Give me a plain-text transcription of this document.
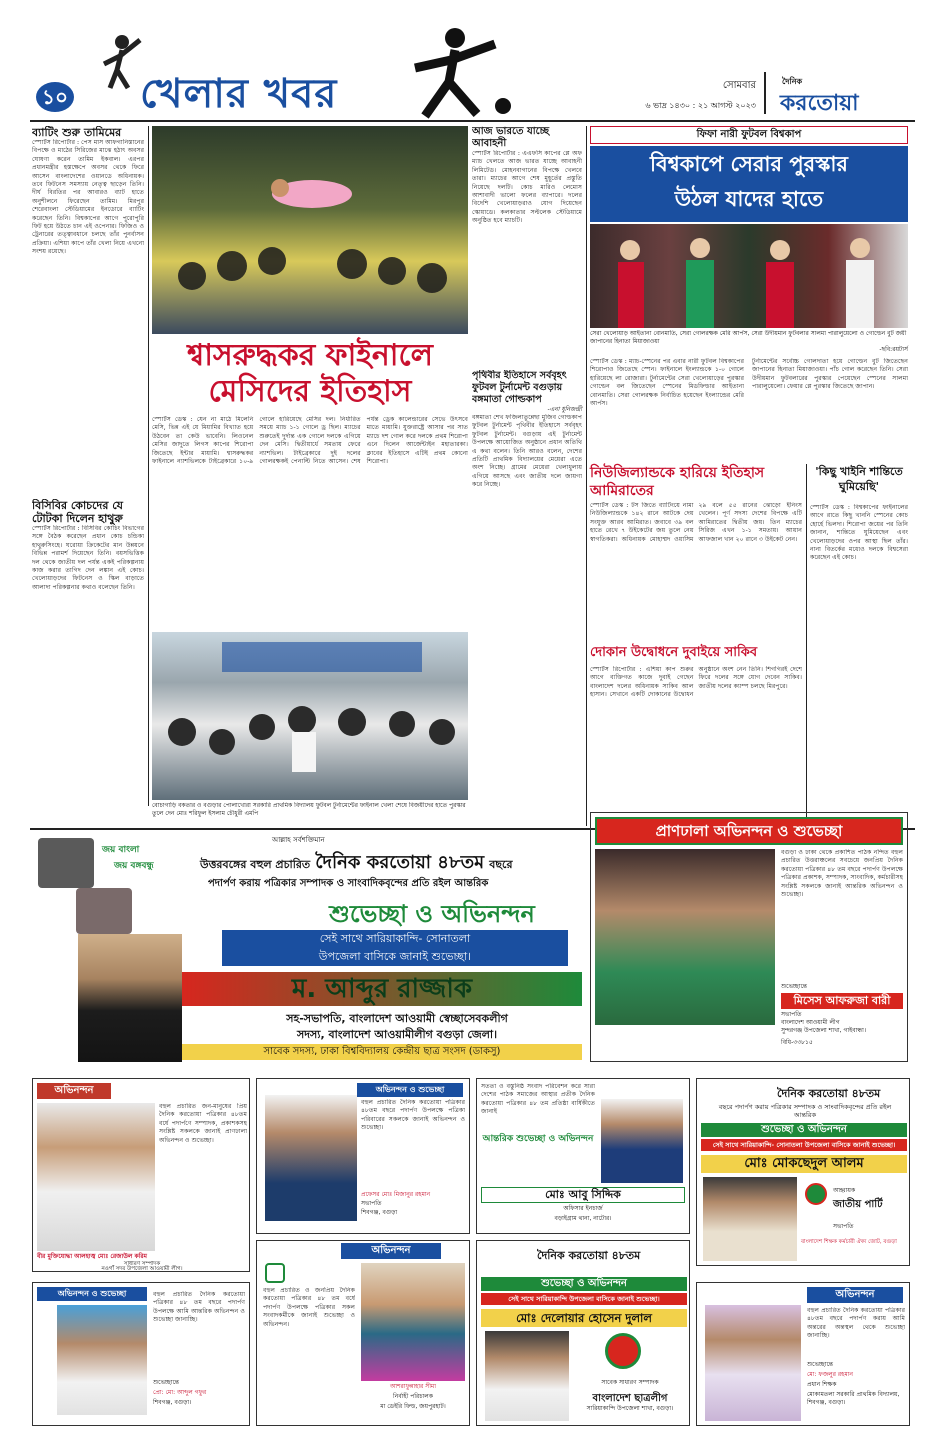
১০ খেলার খবর	সোমবার
৬ ভাদ্র ১৪৩০ : ২১ আগস্ট ২০২৩
দৈনিক
করতোয়া
ব্যাটিং শুরু তামিমের
স্পোর্টস রিপোর্টার : পেস মাস আফগানিস্তানের বিপক্ষে ও মাঠের সিরিজের মাঝে হঠাৎ অবসর ঘোষণা করেন তামিম ইকবাল। এরপর প্রধানমন্ত্রীর হস্তক্ষেপে অবসর থেকে ফিরে আসেন বাংলাদেশের ওয়ানডে অধিনায়ক। তবে ফিটনেস সমস্যায় নেতৃত্ব ছাড়েন তিনি। দীর্ঘ বিরতির পর আবারও ব্যাট হাতে অনুশীলনে ফিরেছেন তামিম। মিরপুর শেরেবাংলা স্টেডিয়ামের ইনডোরে ব্যাটিং করেছেন তিনি। বিশ্বকাপের আগে পুরোপুরি ফিট হয়ে উঠতে চান এই ওপেনার। ফিজিও ও ট্রেনারের তত্ত্বাবধানে চলছে তাঁর পুনর্বাসন প্রক্রিয়া। এশিয়া কাপে তাঁর খেলা নিয়ে এখনো সংশয় রয়েছে।
বিসিবির কোচদের যে টোটকা দিলেন হাথুরু
স্পোর্টস রিপোর্টার : বিসিবির কোচিং বিভাগের সঙ্গে বৈঠক করেছেন প্রধান কোচ চন্ডিকা হাথুরুসিংহে। ঘরোয়া ক্রিকেটের মান উন্নয়নে বিভিন্ন পরামর্শ দিয়েছেন তিনি। বয়সভিত্তিক দল থেকে জাতীয় দল পর্যন্ত একই পরিকল্পনায় কাজ করার তাগিদ দেন লঙ্কান এই কোচ। খেলোয়াড়দের ফিটনেস ও স্কিল বাড়াতে আলাদা পরিকল্পনার কথাও বলেছেন তিনি।
আজ ভারতে যাচ্ছে আবাহনী
স্পোর্টস রিপোর্টার : এএফসি কাপের প্লে অফ ম্যাচ খেলতে আজ ভারত যাচ্ছে আবাহনী লিমিটেড। মোহনবাগানের বিপক্ষে খেলবে তারা। ম্যাচের আগে শেষ মুহূর্তের প্রস্তুতি নিয়েছে দলটি। কোচ মারিও লেমোস আশাবাদী ভালো ফলের ব্যাপারে। দলের বিদেশি খেলোয়াড়রাও যোগ দিয়েছেন স্কোয়াডে। কলকাতার সল্টলেক স্টেডিয়ামে অনুষ্ঠিত হবে ম্যাচটি।
পৃথিবীর ইতিহাসে সর্ববৃহৎ ফুটবল টুর্নামেন্ট বগুড়ায় বঙ্গমাতা গোল্ডকাপ
-এনা ধুনিজন্দ্রী
বঙ্গমাতা শেখ ফজিলাতুন্নেছা মুজিব গোল্ডকাপ ফুটবল টুর্নামেন্ট পৃথিবীর ইতিহাসে সর্ববৃহৎ ফুটবল টুর্নামেন্ট। বগুড়ায় এই টুর্নামেন্ট উপলক্ষে আয়োজিত অনুষ্ঠানে প্রধান অতিথি এ কথা বলেন। তিনি আরও বলেন, দেশের প্রতিটি প্রাথমিক বিদ্যালয়ের মেয়েরা এতে অংশ নিচ্ছে। গ্রামের মেয়েরা খেলাধুলায় এগিয়ে আসছে এবং জাতীয় দলে জায়গা করে নিচ্ছে।
শ্বাসরুদ্ধকর ফাইনালে
মেসিদের ইতিহাস
স্পোর্টস ডেস্ক : যেন না মাঠে মিলেনি মেসি, ভিন্ন এই যে মিয়ামির বিখ্যাত হয়ে উঠবেন তা কেউ ভাবেনি। লিওনেল মেসির জাদুতে লিগস কাপের শিরোপা জিতেছে ইন্টার মায়ামি। শ্বাসরুদ্ধকর ফাইনালে ন্যাশভিলকে টাইব্রেকারে ১০-৯ গোলে হারিয়েছে মেসির দল। নির্ধারিত সময়ে ম্যাচ ১-১ গোলে ড্র ছিল। ম্যাচের শুরুতেই দুর্দান্ত এক গোলে দলকে এগিয়ে দেন মেসি। দ্বিতীয়ার্ধে সমতায় ফেরে ন্যাশভিল। টাইব্রেকারে দুই দলের গোলরক্ষকই পেনাল্টি নিতে আসেন। শেষ পর্যন্ত ড্রেক কালেন্ডারের সেভে উৎসবে মাতে মায়ামি। যুক্তরাষ্ট্রে আসার পর সাত ম্যাচে দশ গোল করে দলকে প্রথম শিরোপা এনে দিলেন আর্জেন্টাইন মহাতারকা। ক্লাবের ইতিহাসে এটিই প্রথম কোনো শিরোপা।
বোচাগাড়ি বকতার ও বগুড়ার পোলাখোরা সরকারি প্রাথমিক বিদ্যালয় ফুটবল টুর্নামেন্টের ফাইনাল খেলা শেষে বিজয়ীদের হাতে পুরস্কার তুলে দেন মোঃ শরিফুল ইসলাম চৌধুরী এমপি
ফিফা নারী ফুটবল বিশ্বকাপ
বিশ্বকাপে সেরার পুরস্কার
উঠল যাদের হাতে
সেরা খেলোয়াড় আইতানা বোনমাতি, সেরা গোলরক্ষক মেরি আর্পস, সেরা উদীয়মান ফুটবলার সালমা পারালুয়েলো ও গোল্ডেন বুট জয়ী জাপানের হিনাতা মিয়াজাওয়া
-ছবি:রয়টার্স
স্পোর্টস ডেস্ক : ম্যাচ-স্পেনের পর এবার নারী ফুটবল বিশ্বকাপের শিরোপাও জিতেছে স্পেন। ফাইনালে ইংল্যান্ডকে ১-০ গোলে হারিয়েছে লা রোজারা। টুর্নামেন্টের সেরা খেলোয়াড়ের পুরস্কার গোল্ডেন বল জিতেছেন স্পেনের মিডফিল্ডার আইতানা বোনমাতি। সেরা গোলরক্ষক নির্বাচিত হয়েছেন ইংল্যান্ডের মেরি আর্পস।
টুর্নামেন্টের সর্বোচ্চ গোলদাতা হয়ে গোল্ডেন বুট জিতেছেন জাপানের হিনাতা মিয়াজাওয়া। পাঁচ গোল করেছেন তিনি। সেরা উদীয়মান ফুটবলারের পুরস্কার পেয়েছেন স্পেনের সালমা পারালুয়েলো। ফেয়ার প্লে পুরস্কার জিতেছে জাপান।
নিউজিল্যান্ডকে হারিয়ে ইতিহাস আমিরাতের
স্পোর্টস ডেস্ক : টস জিতে ব্যাটিংয়ে নামা নিউজিল্যান্ডকে ১৪২ রানে আটকে দেয় সংযুক্ত আরব আমিরাত। জবাবে ৩৯ বল হাতে রেখে ৭ উইকেটের জয় তুলে নেয় স্বাগতিকরা। অধিনায়ক মোহাম্মদ ওয়াসিম ২৯ বলে ৫৫ রানের ঝোড়ো ইনিংস খেলেন। পূর্ণ সদস্য দেশের বিপক্ষে এটি আমিরাতের দ্বিতীয় জয়। তিন ম্যাচের সিরিজ এখন ১-১ সমতায়। আয়ান আফজাল খান ২০ রানে ৩ উইকেট নেন।
'কিছু খাইনি শান্তিতে ঘুমিয়েছি'
স্পোর্টস ডেস্ক : বিশ্বকাপের ফাইনালের আগে রাতে কিছু খাননি স্পেনের কোচ হোর্হে ভিলদা। শিরোপা জয়ের পর তিনি জানান, শান্তিতে ঘুমিয়েছেন এবং খেলোয়াড়দের ওপর আস্থা ছিল তাঁর। নানা বিতর্কের মধ্যেও দলকে বিশ্বসেরা করেছেন এই কোচ।
দোকান উদ্বোধনে দুবাইয়ে সাকিব
স্পোর্টস রিপোর্টার : এশিয়া কাপ শুরুর আগে ব্যক্তিগত কাজে দুবাই গেছেন বাংলাদেশ দলের অধিনায়ক সাকিব আল হাসান। সেখানে একটি দোকানের উদ্বোধন অনুষ্ঠানে অংশ নেন তিনি। শিগগিরই দেশে ফিরে দলের সঙ্গে যোগ দেবেন সাকিব। জাতীয় দলের ক্যাম্প চলছে মিরপুরে।
আল্লাহ সর্বশক্তিমান
জয় বাংলা
জয় বঙ্গবন্ধু	উত্তরবঙ্গের বহুল প্রচারিত দৈনিক করতোয়া ৪৮তম বছরে
পদার্পণ করায় পত্রিকার সম্পাদক ও সাংবাদিকবৃন্দের প্রতি রইল আন্তরিক
শুভেচ্ছা ও অভিনন্দন
সেই সাথে সারিয়াকান্দি- সোনাতলা
উপজেলা বাসিকে জানাই শুভেচ্ছা।
ম. আব্দুর রাজ্জাক
সহ-সভাপতি, বাংলাদেশ আওয়ামী স্বেচ্ছাসেবকলীগ
সদস্য, বাংলাদেশ আওয়ামীলীগ বগুড়া জেলা।
সাবেক সদস্য, ঢাকা বিশ্ববিদ্যালয় কেন্দ্রীয় ছাত্র সংসদ (ডাকসু)
প্রাণঢালা অভিনন্দন ও শুভেচ্ছা
বগুড়া ও ঢাকা থেকে প্রকাশিত পাঠক নন্দিত বহুল প্রচারিত উত্তরাঞ্চলের সবচেয়ে জনপ্রিয় দৈনিক করতোয়া পত্রিকার ৪৮ তম বছরে পদার্পণ উপলক্ষে পত্রিকার প্রকাশক, সম্পাদক, সাংবাদিক, কর্মচারীসহ সংশ্লিষ্ট সকলকে জানাই আন্তরিক অভিনন্দন ও শুভেচ্ছা।
শুভেচ্ছান্তে
মিসেস আফরুজা বারী
সভাপতি
বাংলাদেশ আওয়ামী লীগ
সুন্দরগঞ্জ উপজেলা শাখা, গাইবান্ধা।
বিধি-৩৩৮১৫
অভিনন্দন
বহুল প্রচারিত জন-মানুষের প্রিয় দৈনিক করতোয়া পত্রিকার ৪৮তম বর্ষে পদার্পণে সম্পাদক, প্রকাশকসহ সংশ্লিষ্ট সকলকে জানাই প্রাণঢালা অভিনন্দন ও শুভেচ্ছা।
বীর মুক্তিযোদ্ধা আলহাজ্ব মোঃ রেজাউল করিম
সাধারণ সম্পাদক
নওগাঁ সদর উপজেলা আওয়ামী লীগ।
অভিনন্দন ও শুভেচ্ছা
বহুল প্রচারিত দৈনিক করতোয়া পত্রিকার ৪৮তম বছরে পদার্পণ উপলক্ষে পত্রিকা পরিবারের সকলকে জানাই অভিনন্দন ও শুভেচ্ছা।
প্রফেসর মোঃ মিজানুর রহমান
সভাপতি
শিবগঞ্জ, বগুড়া
সততা ও বস্তুনিষ্ঠ সংবাদ পরিবেশন করে সারা দেশের পাঠক সমাজের আস্থার প্রতীক দৈনিক করতোয়া পত্রিকার ৪৮ তম প্রতিষ্ঠা বার্ষিকীতে জানাই
আন্তরিক শুভেচ্ছা ও অভিনন্দন
মোঃ আবু সিদ্দিক
অফিসার ইনচার্জ
বড়াইগ্রাম থানা, নাটোর।
দৈনিক করতোয়া ৪৮তম
বছরে পদার্পণ করায় পত্রিকার সম্পাদক ও সাংবাদিকবৃন্দের প্রতি রইল আন্তরিক
শুভেচ্ছা ও অভিনন্দন
সেই সাথে সারিয়াকান্দি- সোনাতলা উপজেলা বাসিকে জানাই শুভেচ্ছা।
মোঃ মোকছেদুল আলম
আহ্বায়ক
জাতীয় পার্টি
সভাপতি
বাংলাদেশ শিক্ষক কর্মচারী ঐক্য জোট, বগুড়া
অভিনন্দন ও শুভেচ্ছা	বহুল প্রচারিত দৈনিক করতোয়া পত্রিকার ৪৮ তম বছরে পদার্পণ উপলক্ষে আমি আন্তরিক অভিনন্দন ও শুভেচ্ছা জানাচ্ছি।
শুভেচ্ছান্তে
প্রো: মো: আব্দুল গফুর
শিবগঞ্জ, বগুড়া।
অভিনন্দন
বহুল প্রচারিত ও জনপ্রিয় দৈনিক করতোয়া পত্রিকার ৪৮ তম বর্ষে পদার্পণ উপলক্ষে পত্রিকার সকল সংবাদকর্মীকে জানাই শুভেচ্ছা ও অভিনন্দন।
আশরাফুন্নাহার সীমা
নির্বাহী পরিচালক
মা ডেইরি ফিল্ড, জয়পুরহাট।
দৈনিক করতোয়া ৪৮তম
শুভেচ্ছা ও অভিনন্দন
সেই সাথে সারিয়াকান্দি উপজেলা বাসিকে জানাই শুভেচ্ছা।
মোঃ দেলোয়ার হোসেন দুলাল
সাবেক সাধারণ সম্পাদক
বাংলাদেশ ছাত্রলীগ
সারিয়াকান্দি উপজেলা শাখা, বগুড়া।
অভিনন্দন
বহুল প্রচারিত দৈনিক করতোয়া পত্রিকার ৪৮তম বছরে পদার্পণ করায় আমি অন্তরের অন্তস্থল থেকে শুভেচ্ছা জানাচ্ছি।
শুভেচ্ছান্তে
মো: ফজলুর রহমান
প্রধান শিক্ষক
মোকামতলা সরকারি প্রাথমিক বিদ্যালয়, শিবগঞ্জ, বগুড়া।
